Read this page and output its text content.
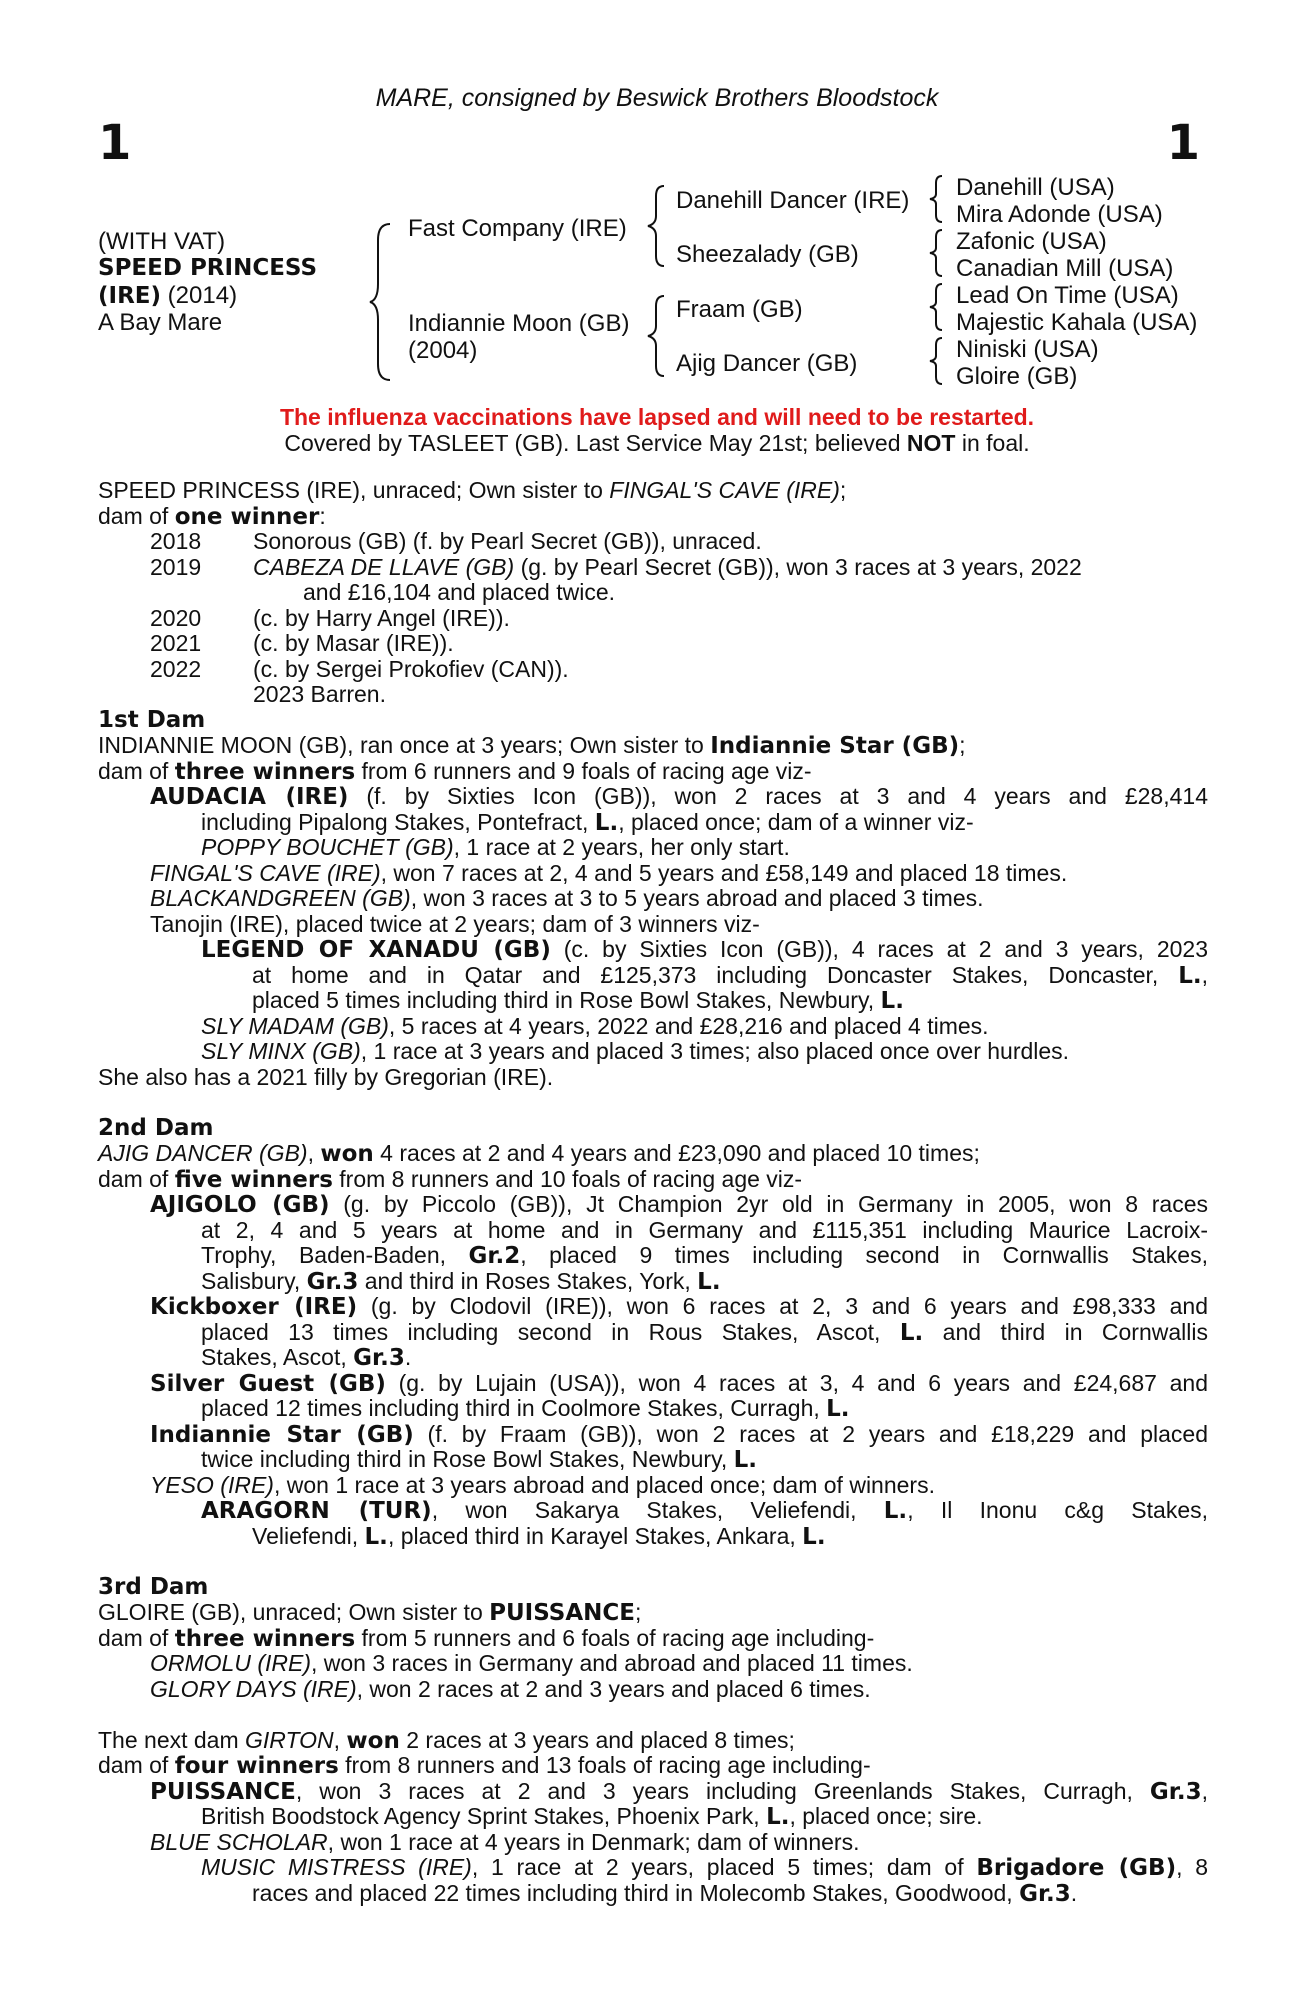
MARE, consigned by Beswick Brothers Bloodstock
1	1
(WITH VAT)
SPEED PRINCESS
(IRE) (2014)
A Bay Mare
Fast Company (IRE)
Indiannie Moon (GB)
(2004)
Danehill Dancer (IRE)
Sheezalady (GB)
Fraam (GB)
Ajig Dancer (GB)
Danehill (USA)
Mira Adonde (USA)
Zafonic (USA)
Canadian Mill (USA)
Lead On Time (USA)
Majestic Kahala (USA)
Niniski (USA)
Gloire (GB)
The influenza vaccinations have lapsed and will need to be restarted.
Covered by TASLEET (GB). Last Service May 21st; believed NOT in foal.
SPEED PRINCESS (IRE), unraced; Own sister to FINGAL'S CAVE (IRE);
dam of one winner:
2018 Sonorous (GB) (f. by Pearl Secret (GB)), unraced.
2019 CABEZA DE LLAVE (GB) (g. by Pearl Secret (GB)), won 3 races at 3 years, 2022
and £16,104 and placed twice.
2020 (c. by Harry Angel (IRE)).
2021 (c. by Masar (IRE)).
2022 (c. by Sergei Prokofiev (CAN)).
2023 Barren.
1st Dam
INDIANNIE MOON (GB), ran once at 3 years; Own sister to Indiannie Star (GB);
dam of three winners from 6 runners and 9 foals of racing age viz-
AUDACIA (IRE) (f. by Sixties Icon (GB)), won 2 races at 3 and 4 years and £28,414
including Pipalong Stakes, Pontefract, L., placed once; dam of a winner viz-
POPPY BOUCHET (GB), 1 race at 2 years, her only start.
FINGAL'S CAVE (IRE), won 7 races at 2, 4 and 5 years and £58,149 and placed 18 times.
BLACKANDGREEN (GB), won 3 races at 3 to 5 years abroad and placed 3 times.
Tanojin (IRE), placed twice at 2 years; dam of 3 winners viz-
LEGEND OF XANADU (GB) (c. by Sixties Icon (GB)), 4 races at 2 and 3 years, 2023
at home and in Qatar and £125,373 including Doncaster Stakes, Doncaster, L.,
placed 5 times including third in Rose Bowl Stakes, Newbury, L.
SLY MADAM (GB), 5 races at 4 years, 2022 and £28,216 and placed 4 times.
SLY MINX (GB), 1 race at 3 years and placed 3 times; also placed once over hurdles.
She also has a 2021 filly by Gregorian (IRE).
2nd Dam
AJIG DANCER (GB), won 4 races at 2 and 4 years and £23,090 and placed 10 times;
dam of five winners from 8 runners and 10 foals of racing age viz-
AJIGOLO (GB) (g. by Piccolo (GB)), Jt Champion 2yr old in Germany in 2005, won 8 races
at 2, 4 and 5 years at home and in Germany and £115,351 including Maurice Lacroix-
Trophy, Baden-Baden, Gr.2, placed 9 times including second in Cornwallis Stakes,
Salisbury, Gr.3 and third in Roses Stakes, York, L.
Kickboxer (IRE) (g. by Clodovil (IRE)), won 6 races at 2, 3 and 6 years and £98,333 and
placed 13 times including second in Rous Stakes, Ascot, L. and third in Cornwallis
Stakes, Ascot, Gr.3.
Silver Guest (GB) (g. by Lujain (USA)), won 4 races at 3, 4 and 6 years and £24,687 and
placed 12 times including third in Coolmore Stakes, Curragh, L.
Indiannie Star (GB) (f. by Fraam (GB)), won 2 races at 2 years and £18,229 and placed
twice including third in Rose Bowl Stakes, Newbury, L.
YESO (IRE), won 1 race at 3 years abroad and placed once; dam of winners.
ARAGORN (TUR), won Sakarya Stakes, Veliefendi, L., Il Inonu c&g Stakes,
Veliefendi, L., placed third in Karayel Stakes, Ankara, L.
3rd Dam
GLOIRE (GB), unraced; Own sister to PUISSANCE;
dam of three winners from 5 runners and 6 foals of racing age including-
ORMOLU (IRE), won 3 races in Germany and abroad and placed 11 times.
GLORY DAYS (IRE), won 2 races at 2 and 3 years and placed 6 times.
The next dam GIRTON, won 2 races at 3 years and placed 8 times;
dam of four winners from 8 runners and 13 foals of racing age including-
PUISSANCE, won 3 races at 2 and 3 years including Greenlands Stakes, Curragh, Gr.3,
British Boodstock Agency Sprint Stakes, Phoenix Park, L., placed once; sire.
BLUE SCHOLAR, won 1 race at 4 years in Denmark; dam of winners.
MUSIC MISTRESS (IRE), 1 race at 2 years, placed 5 times; dam of Brigadore (GB), 8
races and placed 22 times including third in Molecomb Stakes, Goodwood, Gr.3.
